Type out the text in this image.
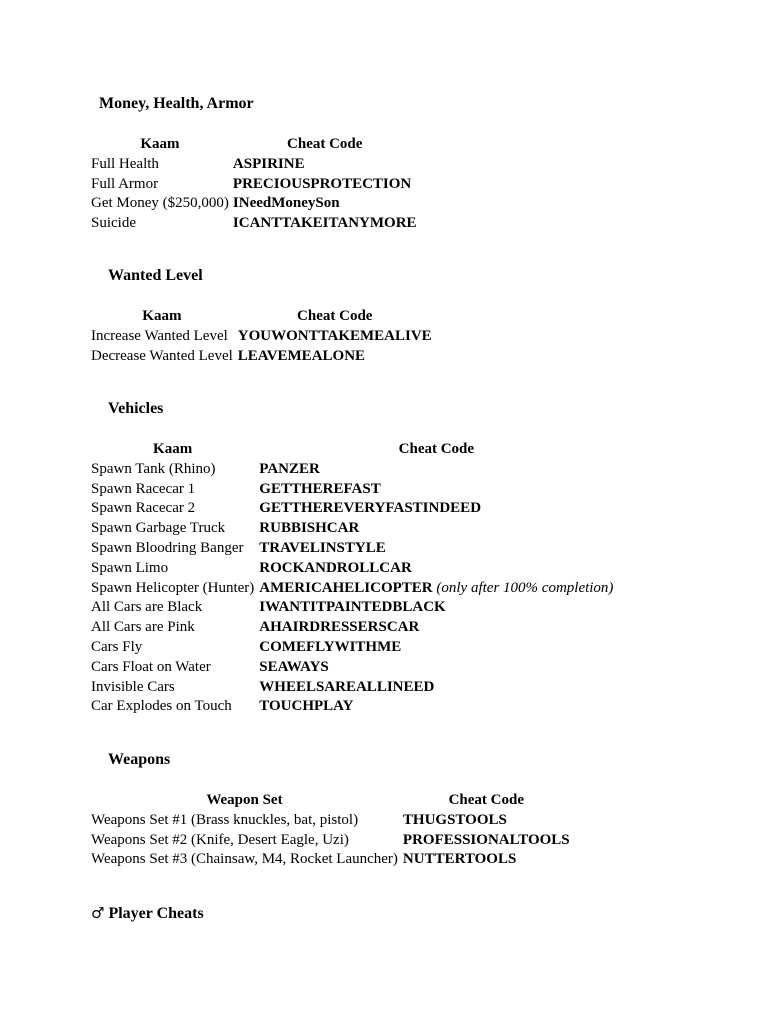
Money, Health, Armor
Kaam	Cheat Code
Full Health	ASPIRINE
Full Armor	PRECIOUSPROTECTION
Get Money ($250,000)	INeedMoneySon
Suicide	ICANTTAKEITANYMORE
Wanted Level
Kaam	Cheat Code
Increase Wanted Level	YOUWONTTAKEMEALIVE
Decrease Wanted Level	LEAVEMEALONE
Vehicles
Kaam	Cheat Code
Spawn Tank (Rhino)	PANZER
Spawn Racecar 1	GETTHEREFAST
Spawn Racecar 2	GETTHEREVERYFASTINDEED
Spawn Garbage Truck	RUBBISHCAR
Spawn Bloodring Banger	TRAVELINSTYLE
Spawn Limo	ROCKANDROLLCAR
Spawn Helicopter (Hunter)	AMERICAHELICOPTER (only after 100% completion)
All Cars are Black	IWANTITPAINTEDBLACK
All Cars are Pink	AHAIRDRESSERSCAR
Cars Fly	COMEFLYWITHME
Cars Float on Water	SEAWAYS
Invisible Cars	WHEELSAREALLINEED
Car Explodes on Touch	TOUCHPLAY
Weapons
Weapon Set	Cheat Code
Weapons Set #1 (Brass knuckles, bat, pistol)	THUGSTOOLS
Weapons Set #2 (Knife, Desert Eagle, Uzi)	PROFESSIONALTOOLS
Weapons Set #3 (Chainsaw, M4, Rocket Launcher)	NUTTERTOOLS
♂ Player Cheats
